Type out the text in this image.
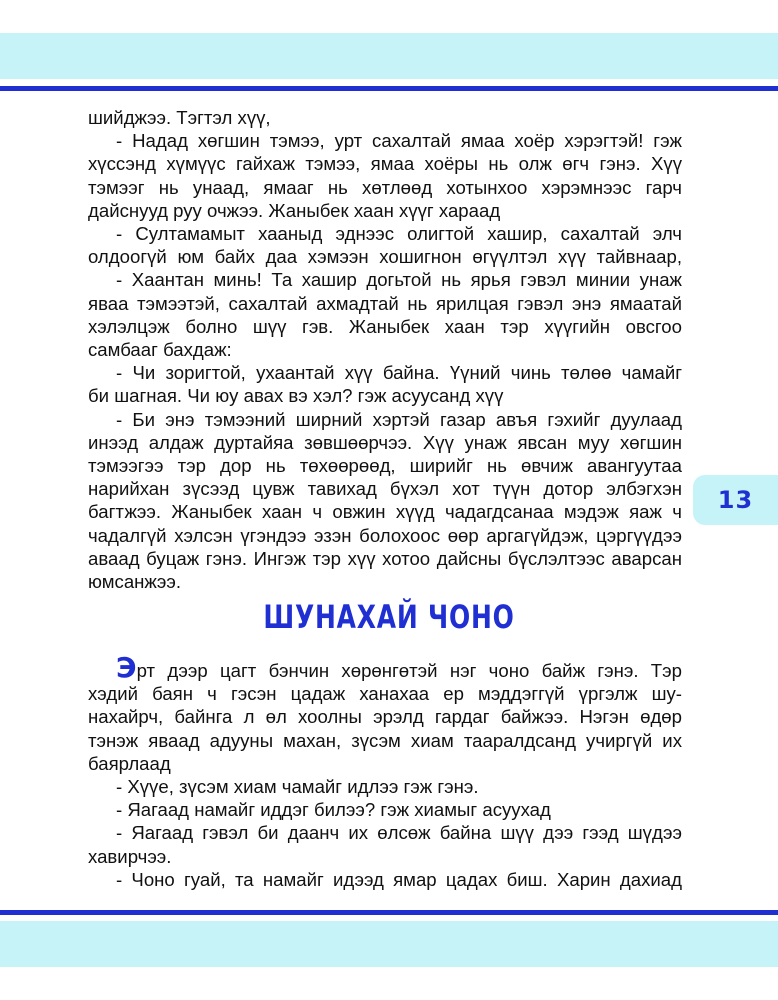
13

шийджээ. Тэгтэл хүү,

- Надад хөгшин тэмээ, урт сахалтай ямаа хоёр хэрэгтэй! гэж

хүссэнд хүмүүс гайхаж тэмээ, ямаа хоёры нь олж өгч гэнэ. Хүү

тэмээг нь унаад, ямааг нь хөтлөөд хотынхоо хэрэмнээс гарч

дайснууд руу очжээ. Жаныбек хаан хүүг хараад

- Султамамыт хааныд эднээс олигтой хашир, сахалтай элч

олдоогүй юм байх даа хэмээн хошигнон өгүүлтэл хүү тайвнаар,

- Хаантан минь! Та хашир догьтой нь ярья гэвэл минии унаж

яваа тэмээтэй, сахалтай ахмадтай нь ярилцая гэвэл энэ ямаатай

хэлэлцэж болно шүү гэв. Жаныбек хаан тэр хүүгийн овсгоо

самбааг бахдаж:

- Чи зоригтой, ухаантай хүү байна. Үүний чинь төлөө чамайг

би шагная. Чи юу авах вэ хэл? гэж асуусанд хүү

- Би энэ тэмээний ширний хэртэй газар авъя гэхийг дуулаад

инээд алдаж дуртайяа зөвшөөрчээ. Хүү унаж явсан муу хөгшин

тэмээгээ тэр дор нь төхөөрөөд, ширийг нь өвчиж авангуутаа

нарийхан зүсээд цувж тавихад бүхэл хот түүн дотор элбэгхэн

багтжээ. Жаныбек хаан ч овжин хүүд чадагдсанаа мэдэж яаж ч

чадалгүй хэлсэн үгэндээ эзэн болохоос өөр аргагүйдэж, цэргүүдээ

аваад буцаж гэнэ. Ингэж тэр хүү хотоо дайсны бүслэлтээс аварсан

юмсанжээ.

ШУНАХАЙ ЧОНО

Эрт дээр цагт бэнчин хөрөнгөтэй нэг чоно байж гэнэ. Тэр

хэдий баян ч гэсэн цадаж ханахаа ер мэддэггүй үргэлж шу-

нахайрч, байнга л өл хоолны эрэлд гардаг байжээ. Нэгэн өдөр

тэнэж яваад адууны махан, зүсэм хиам тааралдсанд учиргүй их

баярлаад

- Хүүе, зүсэм хиам чамайг идлээ гэж гэнэ.

- Яагаад намайг иддэг билээ? гэж хиамыг асуухад

- Яагаад гэвэл би даанч их өлсөж байна шүү дээ гээд шүдээ

хавирчээ.

- Чоно гуай, та намайг идээд ямар цадах биш. Харин дахиад
